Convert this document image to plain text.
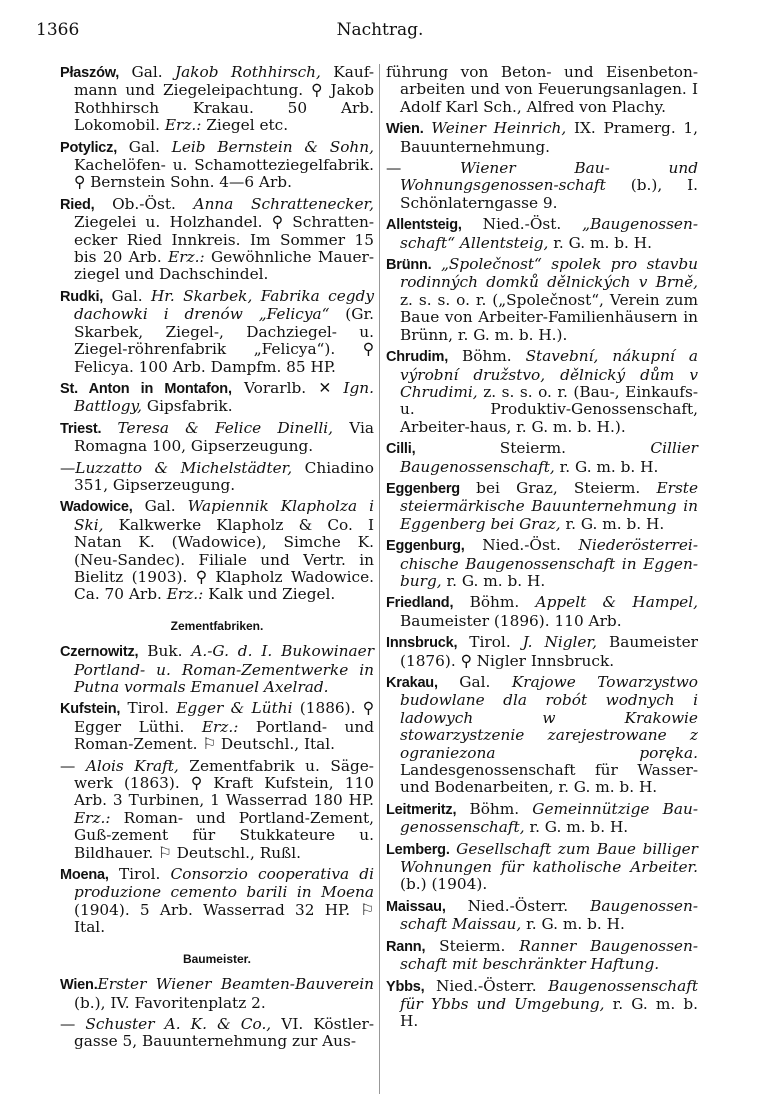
1366	Nachtrag.
Płaszów, Gal. Jakob Rothhirsch, Kauf-mann und Ziegeleipachtung. ⚲ Jakob Rothhirsch Krakau. 50 Arb. Lokomobil. Erz.: Ziegel etc.
Potylicz, Gal. Leib Bernstein & Sohn, Kachelöfen- u. Schamotteziegelfabrik. ⚲ Bernstein Sohn. 4—6 Arb.
Ried, Ob.-Öst. Anna Schrattenecker, Ziegelei u. Holzhandel. ⚲ Schratten-ecker Ried Innkreis. Im Sommer 15 bis 20 Arb. Erz.: Gewöhnliche Mauer-ziegel und Dachschindel.
Rudki, Gal. Hr. Skarbek, Fabrika cegdy dachowki i drenów „Felicya“ (Gr. Skarbek, Ziegel-, Dachziegel- u. Ziegel-röhrenfabrik „Felicya“). ⚲ Felicya. 100 Arb. Dampfm. 85 HP.
St. Anton in Montafon, Vorarlb. ✕ Ign. Battlogy, Gipsfabrik.
Triest. Teresa & Felice Dinelli, Via Romagna 100, Gipserzeugung.
—Luzzatto & Michelstädter, Chiadino 351, Gipserzeugung.
Wadowice, Gal. Wapiennik Klapholza i Ski, Kalkwerke Klapholz & Co. I Natan K. (Wadowice), Simche K. (Neu-Sandec). Filiale und Vertr. in Bielitz (1903). ⚲ Klapholz Wadowice. Ca. 70 Arb. Erz.: Kalk und Ziegel.
Zementfabriken.
Czernowitz, Buk. A.-G. d. I. Bukowinaer Portland- u. Roman-Zementwerke in Putna vormals Emanuel Axelrad.
Kufstein, Tirol. Egger & Lüthi (1886). ⚲ Egger Lüthi. Erz.: Portland- und Roman-Zement. ⚐ Deutschl., Ital.
— Alois Kraft, Zementfabrik u. Säge-werk (1863). ⚲ Kraft Kufstein, 110 Arb. 3 Turbinen, 1 Wasserrad 180 HP. Erz.: Roman- und Portland-Zement, Guß-zement für Stukkateure u. Bildhauer. ⚐ Deutschl., Rußl.
Moena, Tirol. Consorzio cooperativa di produzione cemento barili in Moena (1904). 5 Arb. Wasserrad 32 HP. ⚐ Ital.
Baumeister.
Wien.Erster Wiener Beamten-Bauverein (b.), IV. Favoritenplatz 2.
— Schuster A. K. & Co., VI. Köstler-gasse 5, Bauunternehmung zur Aus-
führung von Beton- und Eisenbeton-arbeiten und von Feuerungsanlagen. I Adolf Karl Sch., Alfred von Plachy.
Wien. Weiner Heinrich, IX. Pramerg. 1, Bauunternehmung.
— Wiener Bau- und Wohnungsgenossen-schaft (b.), I. Schönlaterngasse 9.
Allentsteig, Nied.-Öst. „Baugenossen-schaft“ Allentsteig, r. G. m. b. H.
Brünn. „Společnost“ spolek pro stavbu rodinných domků dělnických v Brně, z. s. s. o. r. („Společnost“, Verein zum Baue von Arbeiter-Familienhäusern in Brünn, r. G. m. b. H.).
Chrudim, Böhm. Stavební, nákupní a výrobní družstvo, dělnický dům v Chrudimi, z. s. s. o. r. (Bau-, Einkaufs- u. Produktiv-Genossenschaft, Arbeiter-haus, r. G. m. b. H.).
Cilli, Steierm. Cillier Baugenossenschaft, r. G. m. b. H.
Eggenberg bei Graz, Steierm. Erste steiermärkische Bauunternehmung in Eggenberg bei Graz, r. G. m. b. H.
Eggenburg, Nied.-Öst. Niederösterrei-chische Baugenossenschaft in Eggen-burg, r. G. m. b. H.
Friedland, Böhm. Appelt & Hampel, Baumeister (1896). 110 Arb.
Innsbruck, Tirol. J. Nigler, Baumeister (1876). ⚲ Nigler Innsbruck.
Krakau, Gal. Krajowe Towarzystwo budowlane dla robót wodnych i ladowych w Krakowie stowarzystzenie zarejestrowane z ograniezona poręka. Landesgenossenschaft für Wasser- und Bodenarbeiten, r. G. m. b. H.
Leitmeritz, Böhm. Gemeinnützige Bau-genossenschaft, r. G. m. b. H.
Lemberg. Gesellschaft zum Baue billiger Wohnungen für katholische Arbeiter. (b.) (1904).
Maissau, Nied.-Österr. Baugenossen-schaft Maissau, r. G. m. b. H.
Rann, Steierm. Ranner Baugenossen-schaft mit beschränkter Haftung.
Ybbs, Nied.-Österr. Baugenossenschaft für Ybbs und Umgebung, r. G. m. b. H.
